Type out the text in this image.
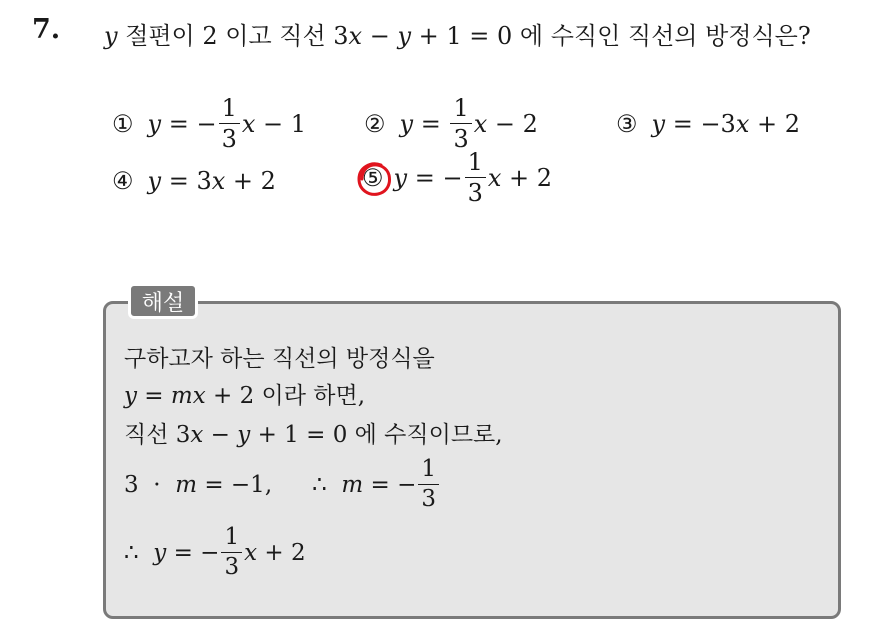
7. y 절편이 2 이고 직선 3x − y + 1 = 0 에 수직인 직선의 방정식은?
① y = − $\frac{1}{3}$ x − 1 ② $y = \frac{1}{3}$ x − 2	③ y = −3 x + 2
④ y = 3 x + 2	⑤ y = − $\frac{1}{3}$ x + 2
해설
구하고자 하는 직선의 방정식을
y = mx + 2 이라 하면,
직선 3x − y + 1 = 0 에 수직이므로,
3  · m = −1, ∴ m = − $\frac{1}{3}$
∴ y = − $\frac{1}{3}$ x + 2
